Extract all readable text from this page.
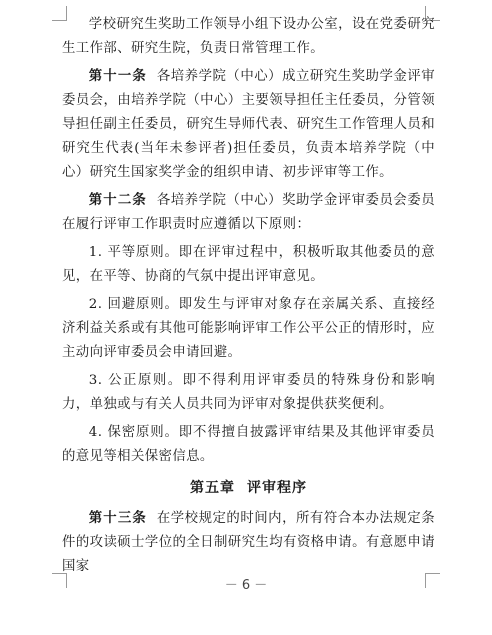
学校研究生奖助工作领导小组下设办公室，设在党委研究生工作部、研究生院，负责日常管理工作。

第十一条 各培养学院（中心）成立研究生奖助学金评审委员会，由培养学院（中心）主要领导担任主任委员，分管领导担任副主任委员，研究生导师代表、研究生工作管理人员和研究生代表(当年未参评者)担任委员，负责本培养学院（中心）研究生国家奖学金的组织申请、初步评审等工作。

第十二条 各培养学院（中心）奖助学金评审委员会委员在履行评审工作职责时应遵循以下原则：

1. 平等原则。即在评审过程中，积极听取其他委员的意见，在平等、协商的气氛中提出评审意见。

2. 回避原则。即发生与评审对象存在亲属关系、直接经济利益关系或有其他可能影响评审工作公平公正的情形时，应主动向评审委员会申请回避。

3. 公正原则。即不得利用评审委员的特殊身份和影响力，单独或与有关人员共同为评审对象提供获奖便利。

4. 保密原则。即不得擅自披露评审结果及其他评审委员的意见等相关保密信息。

第五章 评审程序

第十三条 在学校规定的时间内，所有符合本办法规定条件的攻读硕士学位的全日制研究生均有资格申请。有意愿申请国家

－ 6 －
